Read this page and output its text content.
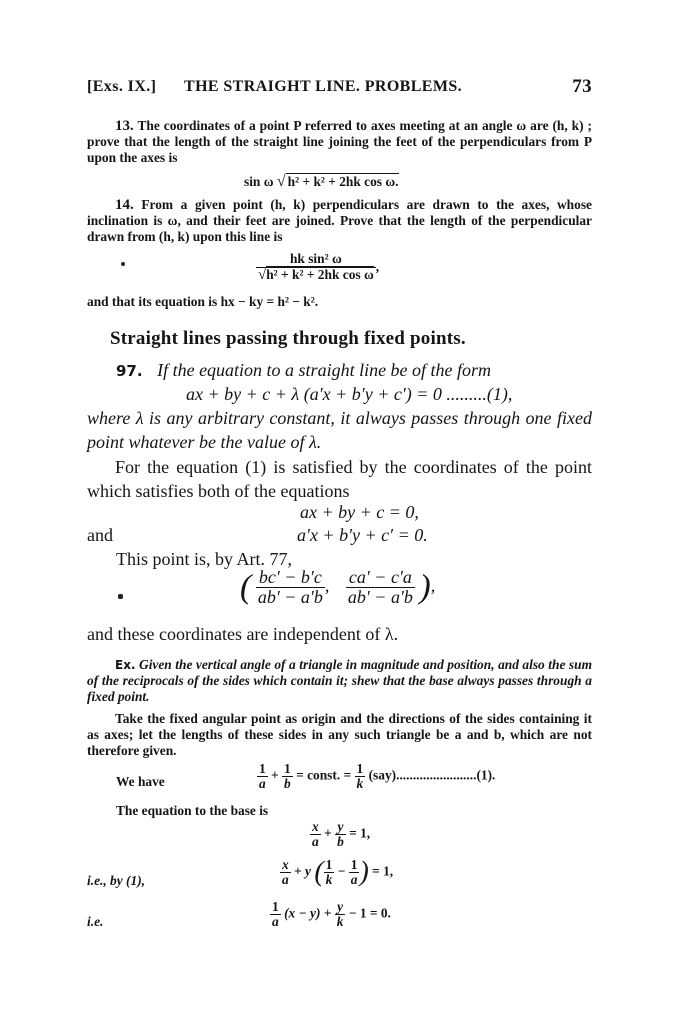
[Exs. IX.] THE STRAIGHT LINE. PROBLEMS.	73
13. The coordinates of a point P referred to axes meeting at an angle ω are (h, k) ; prove that the length of the straight line joining the feet of the perpendiculars from P upon the axes is
sin ω √ h² + k² + 2hk cos ω.
14. From a given point (h, k) perpendiculars are drawn to the axes, whose inclination is ω, and their feet are joined. Prove that the length of the perpendicular drawn from (h, k) upon this line is
$\frac{\text{hk sin² ω}}{\text{√h² + k² + 2hk cos ω}}$ ,
and that its equation is hx − ky = h² − k².
Straight lines passing through fixed points.
97. If the equation to a straight line be of the form
ax + by + c + λ (a′x + b′y + c′) = 0 .........(1),
where λ is any arbitrary constant, it always passes through one fixed point whatever be the value of λ.
For the equation (1) is satisfied by the coordinates of the point which satisfies both of the equations
ax + by + c = 0,
and	a′x + b′y + c′ = 0.
This point is, by Art. 77,
( $\frac{bc' - b'c}{ab' - a'b}$ , $\frac{ca' - c'a}{ab' - a'b}$ ),
and these coordinates are independent of λ.
Ex. Given the vertical angle of a triangle in magnitude and position, and also the sum of the reciprocals of the sides which contain it; shew that the base always passes through a fixed point.
Take the fixed angular point as origin and the directions of the sides containing it as axes; let the lengths of these sides in any such triangle be a and b, which are not therefore given.
We have	$\frac{1}{a} + \frac{1}{b}$ = const. = $\frac{1}{k} (say)........................(1)$.
The equation to the base is
$\frac{x}{a} + \frac{y}{b} = 1$,
i.e., by (1),	$\frac{x}{a} + y$ ( $\frac{1}{k} - \frac{1}{a}$ ) = 1,
i.e.	$\frac{1}{a} (x - y) + \frac{y}{k} - 1 = 0$.
